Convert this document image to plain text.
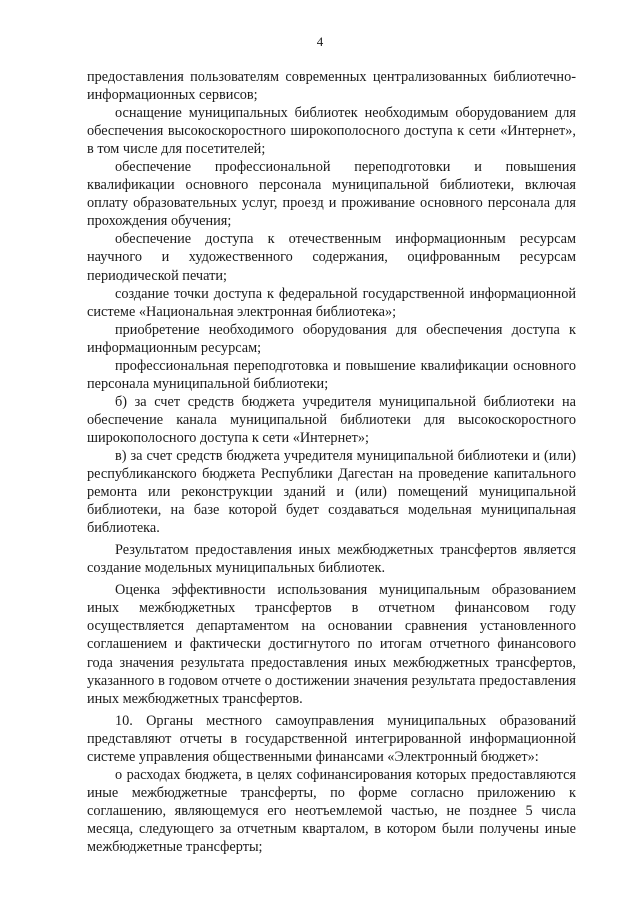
4

предоставления пользователям современных централизованных библиотечно-информационных сервисов;

оснащение муниципальных библиотек необходимым оборудованием для обеспечения высокоскоростного широкополосного доступа к сети «Интернет», в том числе для посетителей;

обеспечение профессиональной переподготовки и повышения квалификации основного персонала муниципальной библиотеки, включая оплату образовательных услуг, проезд и проживание основного персонала для прохождения обучения;

обеспечение доступа к отечественным информационным ресурсам научного и художественного содержания, оцифрованным ресурсам периодической печати;

создание точки доступа к федеральной государственной информационной системе «Национальная электронная библиотека»;

приобретение необходимого оборудования для обеспечения доступа к информационным ресурсам;

профессиональная переподготовка и повышение квалификации основного персонала муниципальной библиотеки;

б) за счет средств бюджета учредителя муниципальной библиотеки на обеспечение канала муниципальной библиотеки для высокоскоростного широкополосного доступа к сети «Интернет»;

в) за счет средств бюджета учредителя муниципальной библиотеки и (или) республиканского бюджета Республики Дагестан на проведение капитального ремонта или реконструкции зданий и (или) помещений муниципальной библиотеки, на базе которой будет создаваться модельная муниципальная библиотека.

Результатом предоставления иных межбюджетных трансфертов является создание модельных муниципальных библиотек.

Оценка эффективности использования муниципальным образованием иных межбюджетных трансфертов в отчетном финансовом году осуществляется департаментом на основании сравнения установленного соглашением и фактически достигнутого по итогам отчетного финансового года значения результата предоставления иных межбюджетных трансфертов, указанного в годовом отчете о достижении значения результата предоставления иных межбюджетных трансфертов.

10. Органы местного самоуправления муниципальных образований представляют отчеты в государственной интегрированной информационной системе управления общественными финансами «Электронный бюджет»:

о расходах бюджета, в целях софинансирования которых предоставляются иные межбюджетные трансферты, по форме согласно приложению к соглашению, являющемуся его неотъемлемой частью, не позднее 5 числа месяца, следующего за отчетным кварталом, в котором были получены иные межбюджетные трансферты;
